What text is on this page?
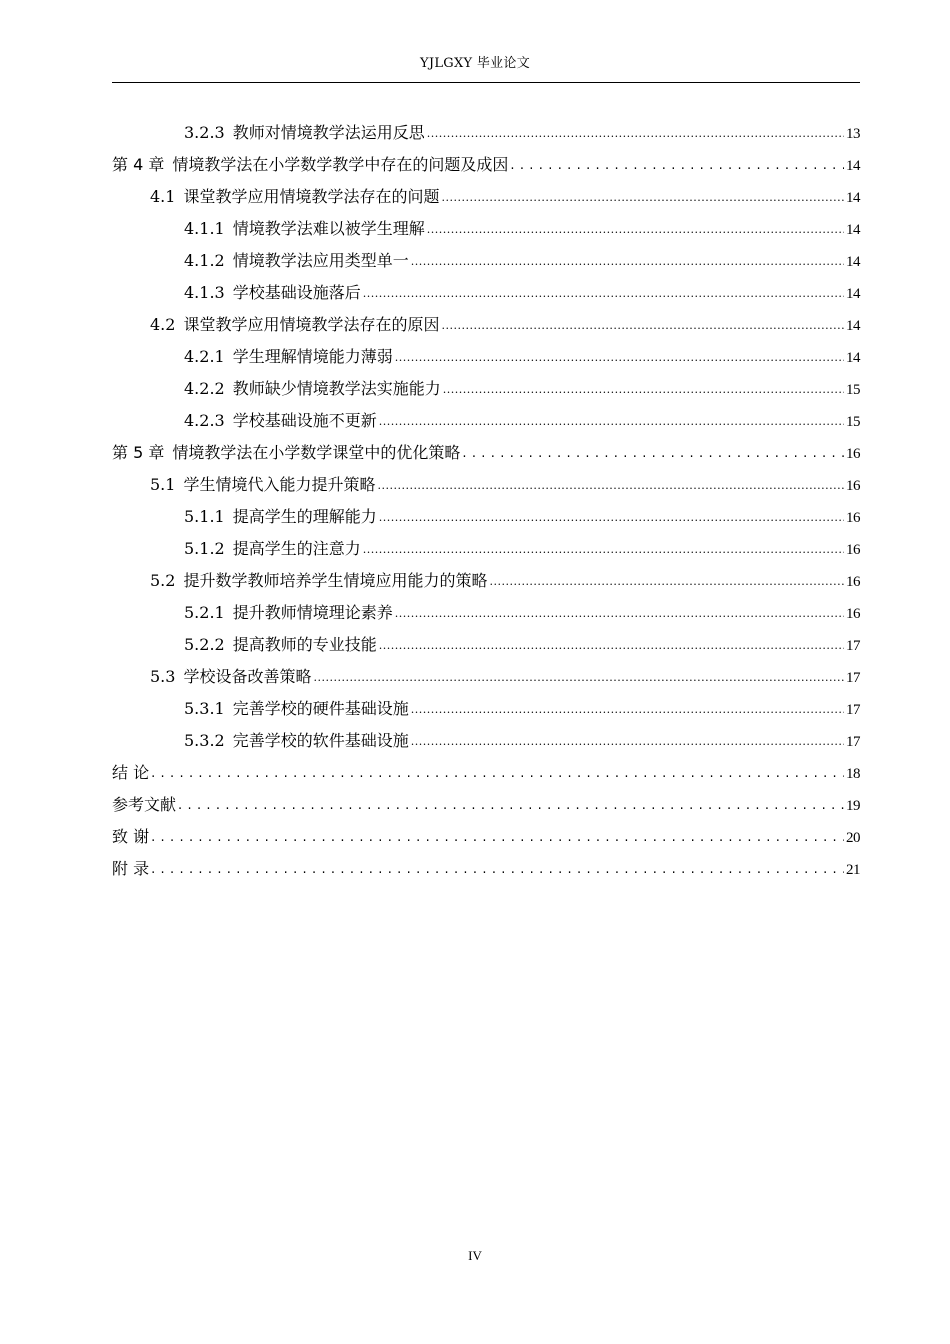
YJLGXY 毕业论文
3.2.3 教师对情境教学法运用反思 .....	13
第 4 章 情境教学法在小学数学教学中存在的问题及成因 . . .	14
4.1 课堂教学应用情境教学法存在的问题 .....	14
4.1.1 情境教学法难以被学生理解 .....	14
4.1.2 情境教学法应用类型单一 .....	14
4.1.3 学校基础设施落后 .....	14
4.2 课堂教学应用情境教学法存在的原因 .....	14
4.2.1 学生理解情境能力薄弱 .....	14
4.2.2 教师缺少情境教学法实施能力 .....	15
4.2.3 学校基础设施不更新 .....	15
第 5 章 情境教学法在小学数学课堂中的优化策略 . . .	16
5.1 学生情境代入能力提升策略 .....	16
5.1.1 提高学生的理解能力 .....	16
5.1.2 提高学生的注意力 .....	16
5.2 提升数学教师培养学生情境应用能力的策略 .....	16
5.2.1 提升教师情境理论素养 .....	16
5.2.2 提高教师的专业技能 .....	17
5.3 学校设备改善策略 .....	17
5.3.1 完善学校的硬件基础设施 .....	17
5.3.2 完善学校的软件基础设施 .....	17
结 论 . . .	18
参考文献 . . .	19
致 谢 . . .	20
附 录 . . .	21
IV
